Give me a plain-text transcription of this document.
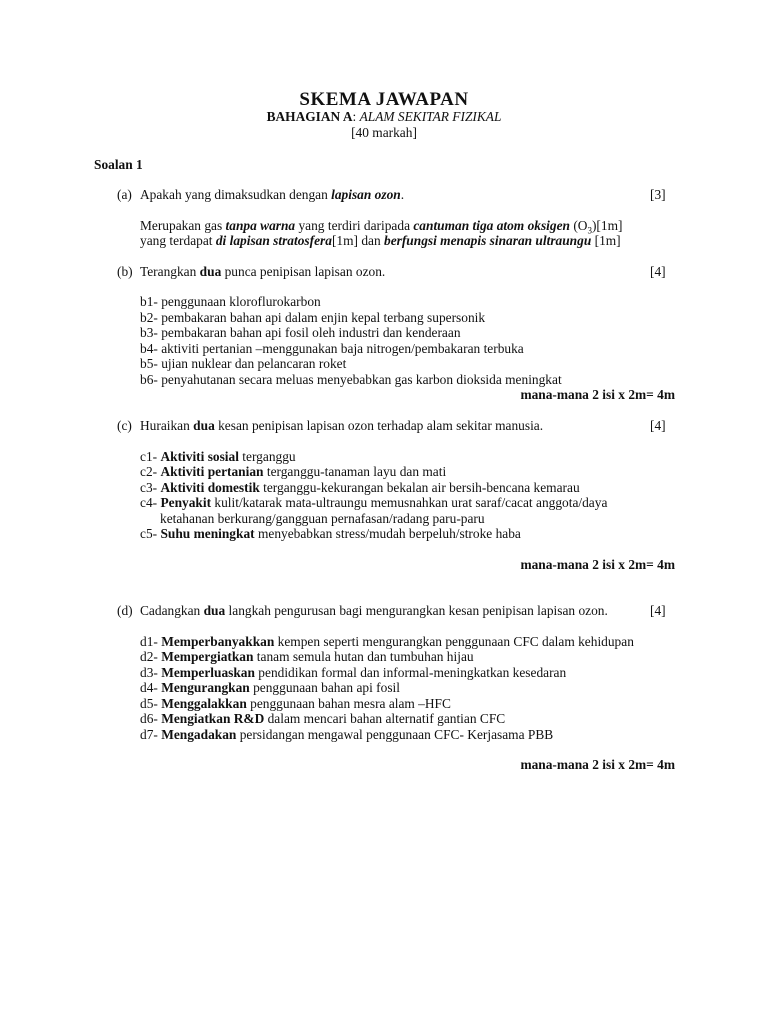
SKEMA JAWAPAN
BAHAGIAN A: ALAM SEKITAR FIZIKAL
[40 markah]
Soalan 1
(a) Apakah yang dimaksudkan dengan lapisan ozon.	[3]
Merupakan gas tanpa warna yang terdiri daripada cantuman tiga atom oksigen $(O_3)[1m]$
yang terdapat di lapisan stratosfera[1m] dan berfungsi menapis sinaran ultraungu [1m]
(b) Terangkan dua punca penipisan lapisan ozon.	[4]
b1- penggunaan kloroflurokarbon
b2- pembakaran bahan api dalam enjin kepal terbang supersonik
b3- pembakaran bahan api fosil oleh industri dan kenderaan
b4- aktiviti pertanian –menggunakan baja nitrogen/pembakaran terbuka
b5- ujian nuklear dan pelancaran roket
b6- penyahutanan secara meluas menyebabkan gas karbon dioksida meningkat
mana-mana 2 isi x 2m= 4m
(c) Huraikan dua kesan penipisan lapisan ozon terhadap alam sekitar manusia.	[4]
c1- Aktiviti sosial terganggu
c2- Aktiviti pertanian terganggu-tanaman layu dan mati
c3- Aktiviti domestik terganggu-kekurangan bekalan air bersih-bencana kemarau
c4- Penyakit kulit/katarak mata-ultraungu memusnahkan urat saraf/cacat anggota/daya
ketahanan berkurang/gangguan pernafasan/radang paru-paru
c5- Suhu meningkat menyebabkan stress/mudah berpeluh/stroke haba
mana-mana 2 isi x 2m= 4m
(d) Cadangkan dua langkah pengurusan bagi mengurangkan kesan penipisan lapisan ozon.	[4]
d1- Memperbanyakkan kempen seperti mengurangkan penggunaan CFC dalam kehidupan
d2- Mempergiatkan tanam semula hutan dan tumbuhan hijau
d3- Memperluaskan pendidikan formal dan informal-meningkatkan kesedaran
d4- Mengurangkan penggunaan bahan api fosil
d5- Menggalakkan penggunaan bahan mesra alam –HFC
d6- Mengiatkan R&D dalam mencari bahan alternatif gantian CFC
d7- Mengadakan persidangan mengawal penggunaan CFC- Kerjasama PBB
mana-mana 2 isi x 2m= 4m
